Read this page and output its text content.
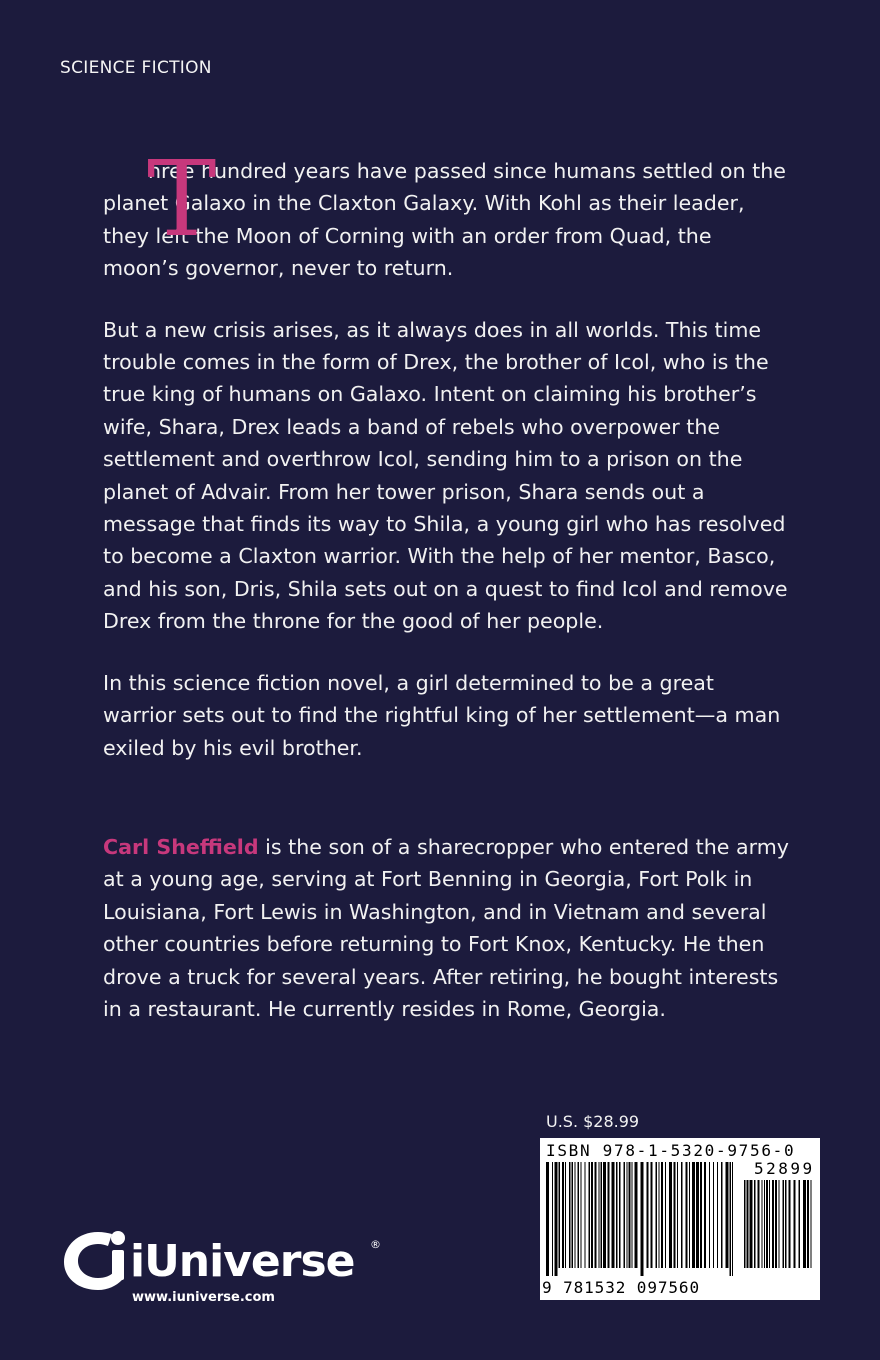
SCIENCE FICTION

T
hree hundred years have passed since humans settled on the planet Galaxo in the Claxton Galaxy. With Kohl as their leader, they left the Moon of Corning with an order from Quad, the moon’s governor, never to return.

But a new crisis arises, as it always does in all worlds. This time trouble comes in the form of Drex, the brother of Icol, who is the true king of humans on Galaxo. Intent on claiming his brother’s wife, Shara, Drex leads a band of rebels who overpower the settlement and overthrow Icol, sending him to a prison on the planet of Advair. From her tower prison, Shara sends out a message that finds its way to Shila, a young girl who has resolved to become a Claxton warrior. With the help of her mentor, Basco, and his son, Dris, Shila sets out on a quest to find Icol and remove Drex from the throne for the good of her people.

In this science fiction novel, a girl determined to be a great warrior sets out to find the rightful king of her settlement—a man exiled by his evil brother.

Carl Sheffield is the son of a sharecropper who entered the army at a young age, serving at Fort Benning in Georgia, Fort Polk in Louisiana, Fort Lewis in Washington, and in Vietnam and several other countries before returning to Fort Knox, Kentucky. He then drove a truck for several years. After retiring, he bought interests in a restaurant. He currently resides in Rome, Georgia.

U.S. $28.99
ISBN 978-1-5320-9756-0
52899
9 781532 097560
iUniverse ®
www.iuniverse.com
